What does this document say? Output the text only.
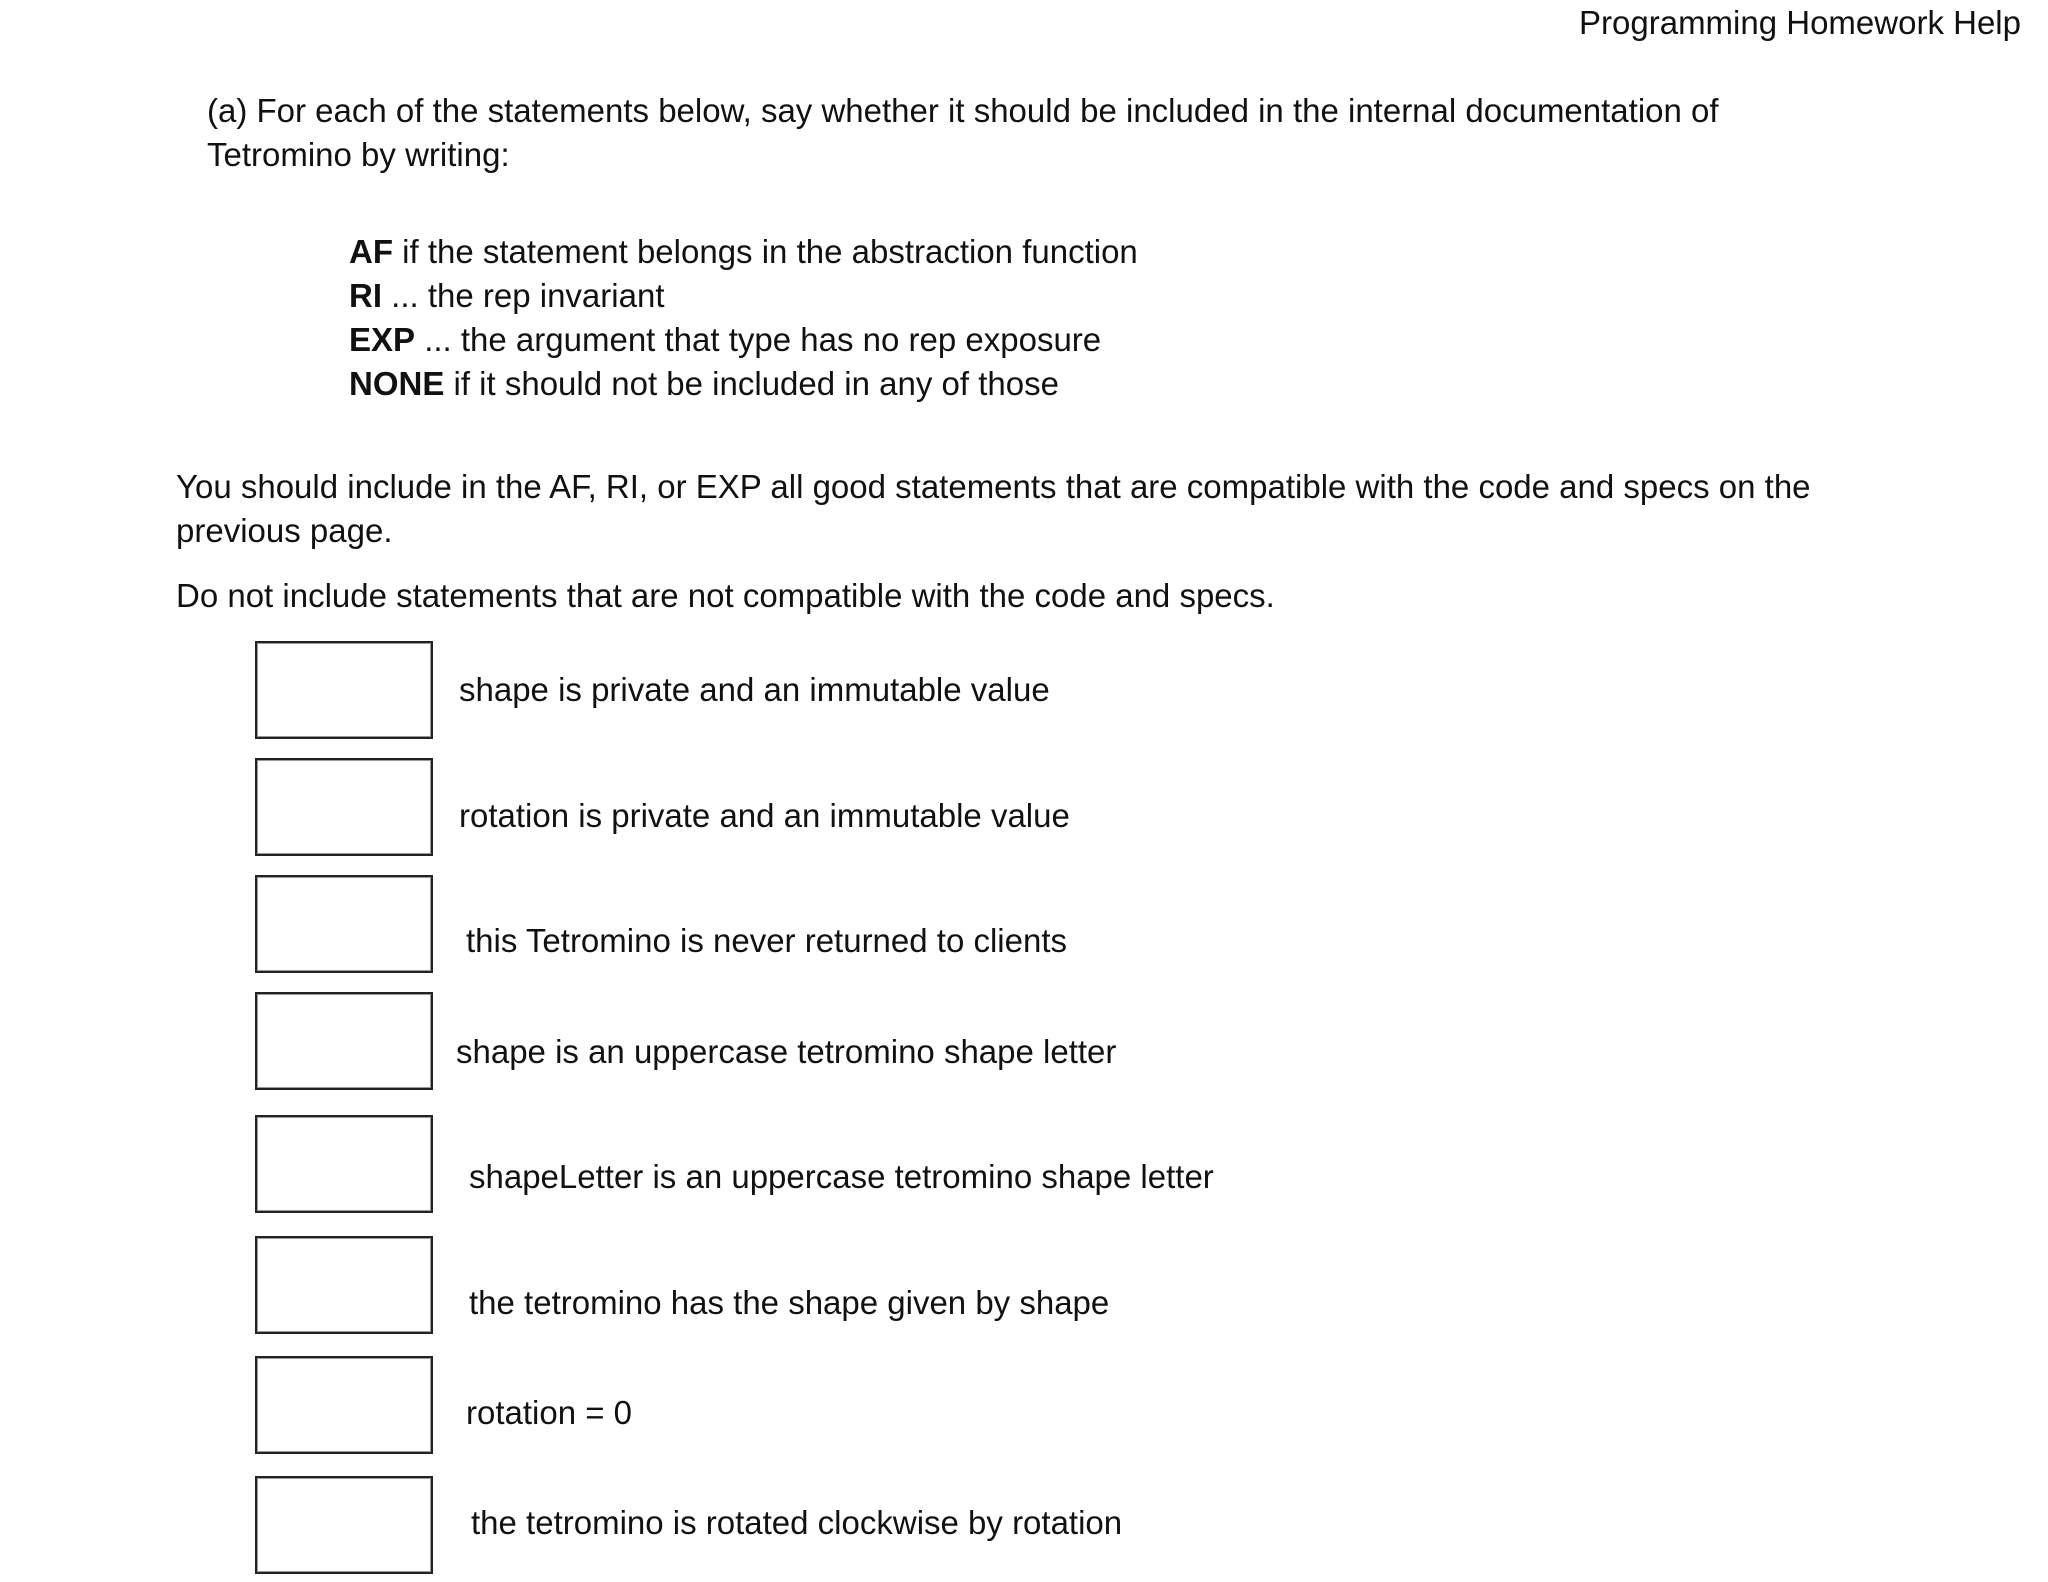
Programming Homework Help
(a) For each of the statements below, say whether it should be included in the internal documentation of Tetromino by writing:
AF if the statement belongs in the abstraction function
RI ... the rep invariant
EXP ... the argument that type has no rep exposure
NONE if it should not be included in any of those
You should include in the AF, RI, or EXP all good statements that are compatible with the code and specs on the previous page.
Do not include statements that are not compatible with the code and specs.
shape is private and an immutable value
rotation is private and an immutable value
this Tetromino is never returned to clients
shape is an uppercase tetromino shape letter
shapeLetter is an uppercase tetromino shape letter
the tetromino has the shape given by shape
rotation = 0
the tetromino is rotated clockwise by rotation
